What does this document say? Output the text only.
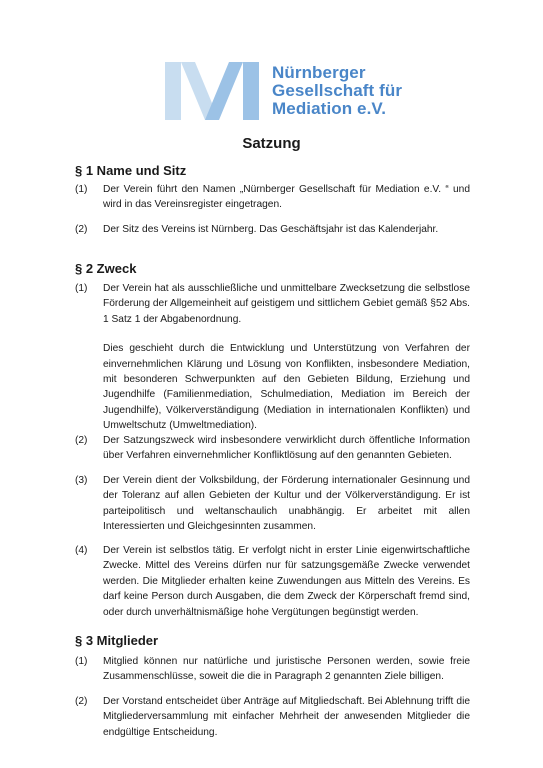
Nürnberger
Gesellschaft für
Mediation e.V.
Satzung
§ 1 Name und Sitz
(1) Der Verein führt den Namen „Nürnberger Gesellschaft für Mediation e.V. “ und wird in das Vereinsregister eingetragen.

(2) Der Sitz des Vereins ist Nürnberg. Das Geschäftsjahr ist das Kalenderjahr.

§ 2 Zweck
(1) Der Verein hat als ausschließliche und unmittelbare Zwecksetzung die selbstlose Förderung der Allgemeinheit auf geistigem und sittlichem Gebiet gemäß §52 Abs. 1 Satz 1 der Abgabenordnung.

Dies geschieht durch die Entwicklung und Unterstützung von Verfahren der einvernehmlichen Klärung und Lösung von Konflikten, insbesondere Mediation, mit besonderen Schwerpunkten auf den Gebieten Bildung, Erziehung und Jugendhilfe (Familienmediation, Schulmediation, Mediation im Bereich der Jugendhilfe), Völkerverständigung (Mediation in internationalen Konflikten) und Umweltschutz (Umweltmediation).

(2) Der Satzungszweck wird insbesondere verwirklicht durch öffentliche Information über Verfahren einvernehmlicher Konfliktlösung auf den genannten Gebieten.

(3) Der Verein dient der Volksbildung, der Förderung internationaler Gesinnung und der Toleranz auf allen Gebieten der Kultur und der Völkerverständigung. Er ist parteipolitisch und weltanschaulich unabhängig. Er arbeitet mit allen Interessierten und Gleichgesinnten zusammen.

(4) Der Verein ist selbstlos tätig. Er verfolgt nicht in erster Linie eigenwirtschaftliche Zwecke. Mittel des Vereins dürfen nur für satzungsgemäße Zwecke verwendet werden. Die Mitglieder erhalten keine Zuwendungen aus Mitteln des Vereins. Es darf keine Person durch Ausgaben, die dem Zweck der Körperschaft fremd sind, oder durch unverhältnismäßige hohe Vergütungen begünstigt werden.

§ 3 Mitglieder
(1) Mitglied können nur natürliche und juristische Personen werden, sowie freie Zusammenschlüsse, soweit die die in Paragraph 2 genannten Ziele billigen.

(2) Der Vorstand entscheidet über Anträge auf Mitgliedschaft. Bei Ablehnung trifft die Mitgliederversammlung mit einfacher Mehrheit der anwesenden Mitglieder die endgültige Entscheidung.
